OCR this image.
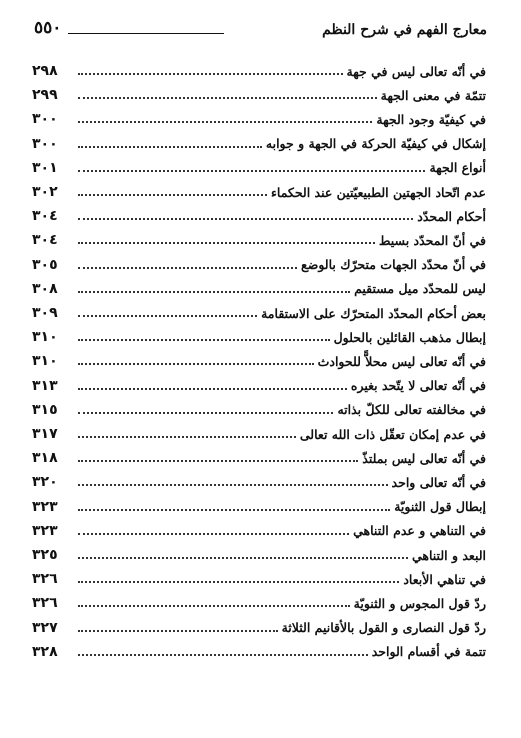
معارج الفهم في شرح النظم
٥٥٠
في أنّه تعالى ليس في جهة
٢٩٨
تتمّة في معنى الجهة
٢٩٩
في كيفيّة وجود الجهة
٣٠٠
إشكال في كيفيّة الحركة في الجهة و جوابه
٣٠٠
أنواع الجهة
٣٠١
عدم اتّحاد الجهتين الطبيعيّتين عند الحكماء
٣٠٢
أحكام المحدّد
٣٠٤
في أنّ المحدّد بسيط
٣٠٤
في أنّ محدّد الجهات متحرّك بالوضع
٣٠٥
ليس للمحدّد ميل مستقيم
٣٠٨
بعض أحكام المحدّد المتحرّك على الاستقامة
٣٠٩
إبطال مذهب القائلين بالحلول
٣١٠
في أنّه تعالى ليس محلاًّ للحوادث
٣١٠
في أنّه تعالى لا يتّحد بغيره
٣١٣
في مخالفته تعالى للكلّ بذاته
٣١٥
في عدم إمكان تعقّل ذات الله تعالى
٣١٧
في أنّه تعالى ليس بملتذّ
٣١٨
في أنّه تعالى واحد
٣٢٠
إبطال قول الثنويّة
٣٢٣
في التناهي و عدم التناهي
٣٢٣
البعد و التناهي
٣٢٥
في تناهي الأبعاد
٣٢٦
ردّ قول المجوس و الثنويّة
٣٢٦
ردّ قول النصارى و القول بالأقانيم الثلاثة
٣٢٧
تتمة في أقسام الواحد
٣٢٨
